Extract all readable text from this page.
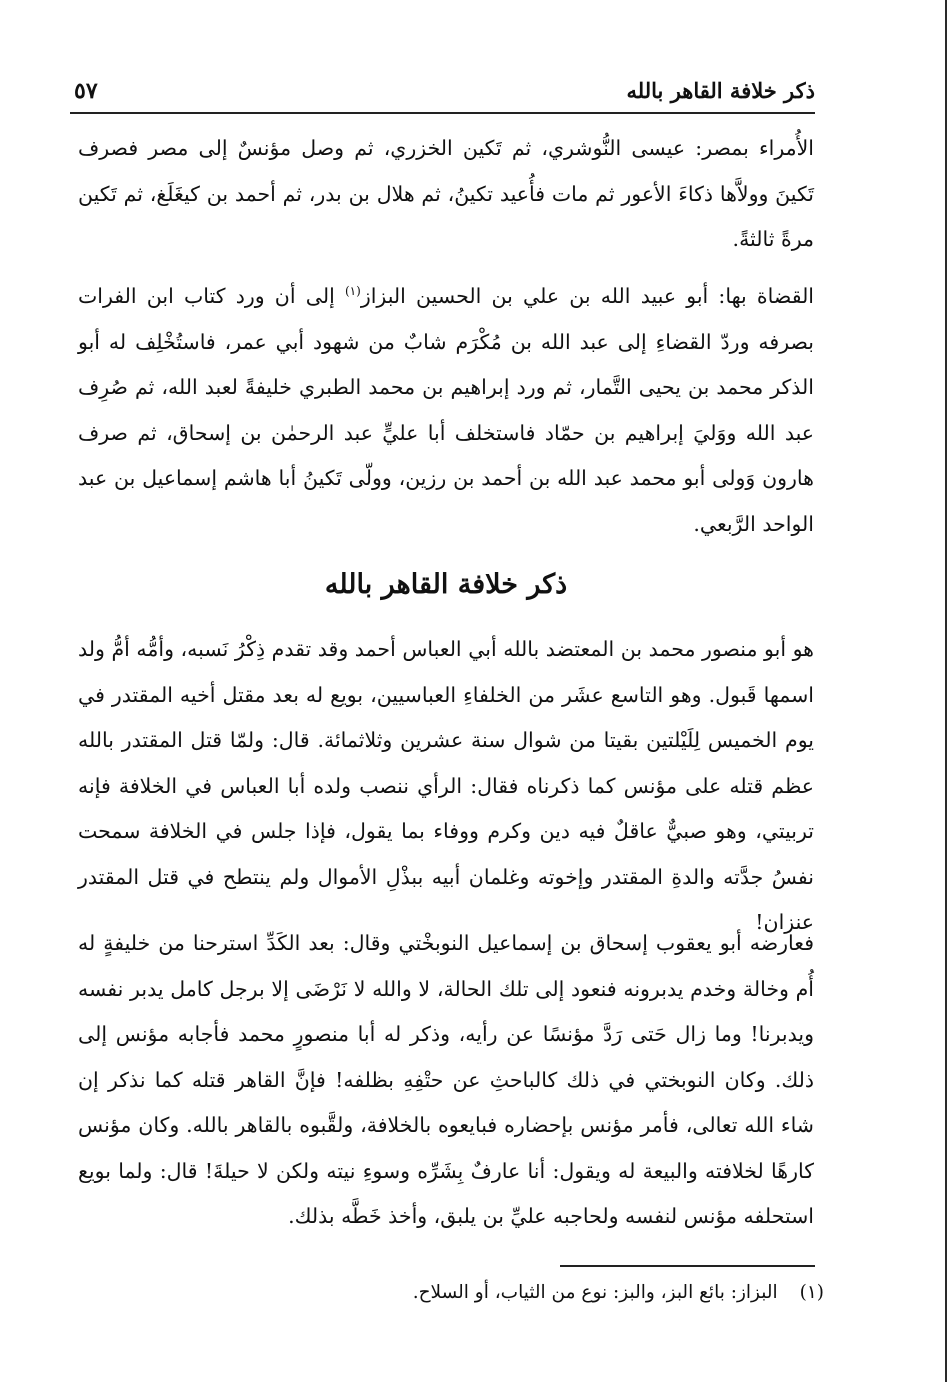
ذكر خلافة القاهر بالله
٥٧

الأُمراء بمصر: عيسى النُّوشري، ثم تَكين الخزري، ثم وصل مؤنسٌ إلى مصر فصرف تَكينَ وولاَّها ذكاءَ الأعور ثم مات فأُعيد تكينُ، ثم هلال بن بدر، ثم أحمد بن كيغَلَغ، ثم تَكين مرةً ثالثةً.

القضاة بها: أبو عبيد الله بن علي بن الحسين البزاز$^{(١)}$ إلى أن ورد كتاب ابن الفرات بصرفه وردّ القضاءِ إلى عبد الله بن مُكْرَم شابٌ من شهود أبي عمر، فاستُخْلِف له أبو الذكر محمد بن يحيى التَّمار، ثم ورد إبراهيم بن محمد الطبري خليفةً لعبد الله، ثم صُرِف عبد الله ووَليَ إبراهيم بن حمّاد فاستخلف أبا عليٍّ عبد الرحمٰن بن إسحاق، ثم صرف هارون وَولى أبو محمد عبد الله بن أحمد بن رزين، وولّى تَكينُ أبا هاشم إسماعيل بن عبد الواحد الرَّبعي.

ذكر خلافة القاهر بالله

هو أبو منصور محمد بن المعتضد بالله أبي العباس أحمد وقد تقدم ذِكْرُ نَسبه، وأمُّه أمُّ ولد اسمها قَبول. وهو التاسع عشَر من الخلفاءِ العباسيين، بويع له بعد مقتل أخيه المقتدر في يوم الخميس لِلَيْلتين بقيتا من شوال سنة عشرين وثلاثمائة. قال: ولمّا قتل المقتدر بالله عظم قتله على مؤنس كما ذكرناه فقال: الرأي ننصب ولده أبا العباس في الخلافة فإنه تربيتي، وهو صبيٌّ عاقلٌ فيه دين وكرم ووفاء بما يقول، فإذا جلس في الخلافة سمحت نفسُ جدَّته والدةِ المقتدر وإخوته وغلمان أبيه ببذْلِ الأموال ولم ينتطح في قتل المقتدر عنزان!

فعارضه أبو يعقوب إسحاق بن إسماعيل النوبخْتي وقال: بعد الكَدِّ استرحنا من خليفةٍ له أُم وخالة وخدم يدبرونه فنعود إلى تلك الحالة، لا والله لا نَرْضَى إلا برجل كامل يدبر نفسه ويدبرنا! وما زال حَتى رَدَّ مؤنسًا عن رأيه، وذكر له أبا منصورٍ محمد فأجابه مؤنس إلى ذلك. وكان النوبختي في ذلك كالباحثِ عن حتْفِهِ بظلفه! فإنَّ القاهر قتله كما نذكر إن شاء الله تعالى، فأمر مؤنس بإحضاره فبايعوه بالخلافة، ولقَّبوه بالقاهر بالله. وكان مؤنس كارهًا لخلافته والبيعة له ويقول: أنا عارفٌ بِشَرِّه وسوءِ نيته ولكن لا حيلةَ! قال: ولما بويع استحلفه مؤنس لنفسه ولحاجبه عليِّ بن يلبق، وأخذ خَطَّه بذلك.

(١)البزاز: بائع البز، والبز: نوع من الثياب، أو السلاح.
